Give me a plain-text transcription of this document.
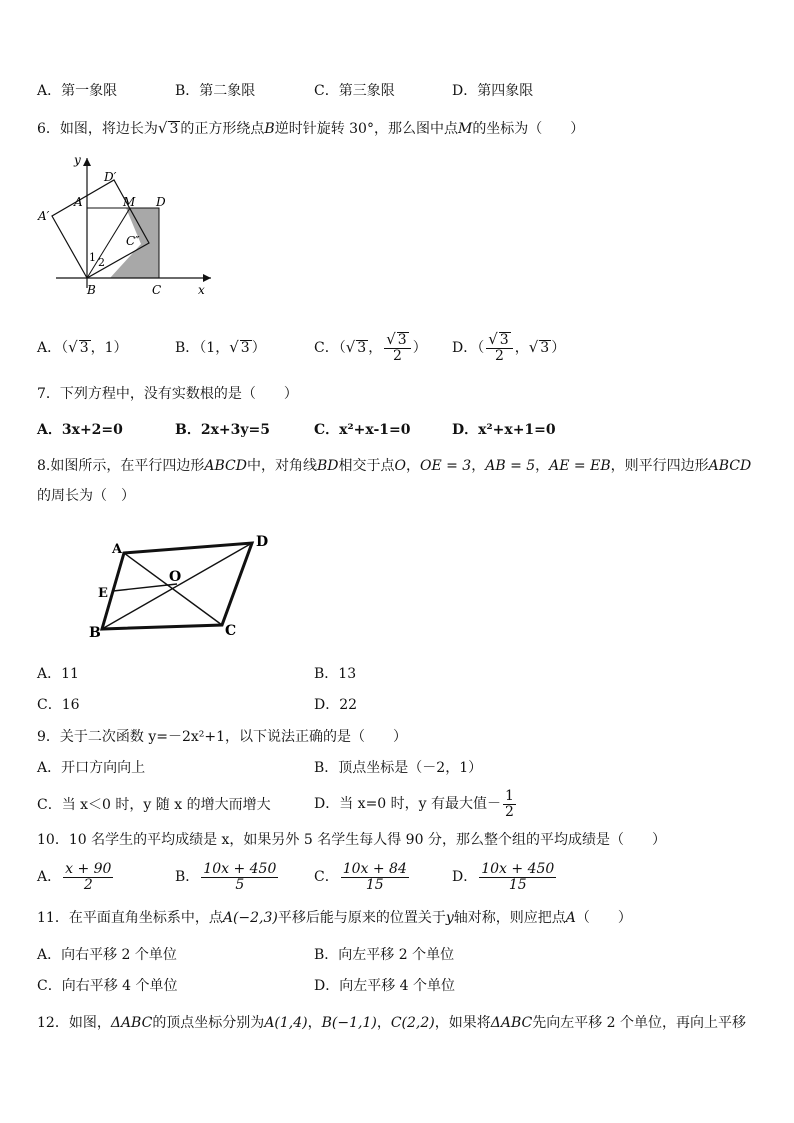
A．第一象限	B．第二象限	C．第三象限	D．第四象限
6．如图，将边长为√ 3 的正方形绕点B逆时针旋转 30°，那么图中点M的坐标为（　　）
y
D′
A′
A	M D
C″
1 2
B	C	x
A．（√ 3 ，1）	B．（1，√ 3 ）	C．（√ 3 ， $\frac{√ 3}{2}$ ） D．（ $\frac{√ 3}{2}$ ，√ 3 ）
7．下列方程中，没有实数根的是（　　）
A．3x+2=0	B．2x+3y=5	C．x²+x-1=0	D．x²+x+1=0
8.如图所示，在平行四边形ABCD中，对角线BD相交于点O，OE = 3，AB = 5，AE = EB，则平行四边形ABCD
的周长为（　）
A	D
E
O
B	C
A．11	B．13
C．16	D．22
9．关于二次函数 y=－2x²+1，以下说法正确的是（　　）
A．开口方向向上	B．顶点坐标是（－2，1）
C．当 x＜0 时，y 随 x 的增大而增大	D．当 x=0 时，y 有最大值－ $\frac{1}{2}$
10．10 名学生的平均成绩是 x，如果另外 5 名学生每人得 90 分，那么整个组的平均成绩是（　　）
A． $\frac{x + 90}{2}$	B． $\frac{10x + 450}{5}$	C． $\frac{10x + 84}{15}$	D． $\frac{10x + 450}{15}$
11．在平面直角坐标系中，点A(−2,3)平移后能与原来的位置关于y轴对称，则应把点A（　　）
A．向右平移 2 个单位	B．向左平移 2 个单位
C．向右平移 4 个单位	D．向左平移 4 个单位
12．如图，ΔABC的顶点坐标分别为A(1,4)，B(−1,1)，C(2,2)，如果将ΔABC先向左平移 2 个单位，再向上平移
